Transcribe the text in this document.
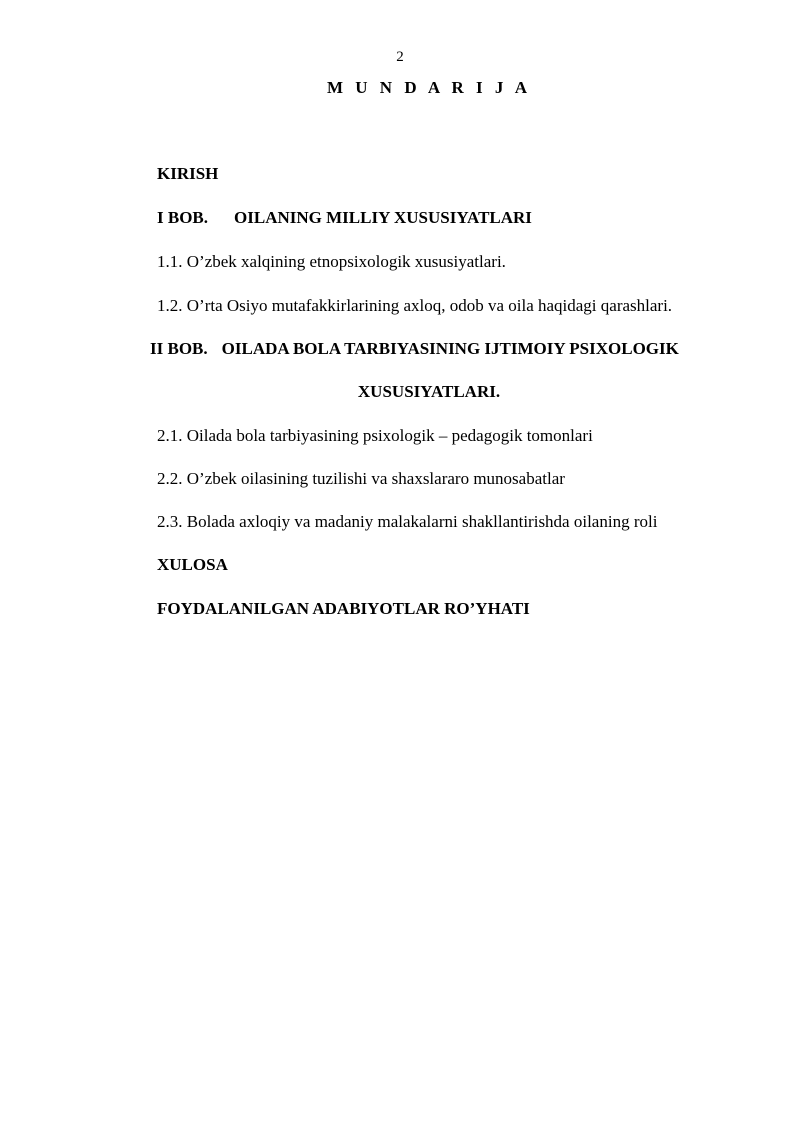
2
M U N D A R I J A
KIRISH
I BOB. OILANING MILLIY XUSUSIYATLARI
1.1. O’zbek xalqining etnopsixologik xususiyatlari.
1.2. O’rta Osiyo mutafakkirlarining axloq, odob va oila haqidagi qarashlari.
II BOB. OILADA BOLA TARBIYASINING IJTIMOIY PSIXOLOGIK
XUSUSIYATLARI.
2.1. Oilada bola tarbiyasining psixologik – pedagogik tomonlari
2.2. O’zbek oilasining tuzilishi va shaxslararo munosabatlar
2.3. Bolada axloqiy va madaniy malakalarni shakllantirishda oilaning roli
XULOSA
FOYDALANILGAN ADABIYOTLAR RO’YHATI
